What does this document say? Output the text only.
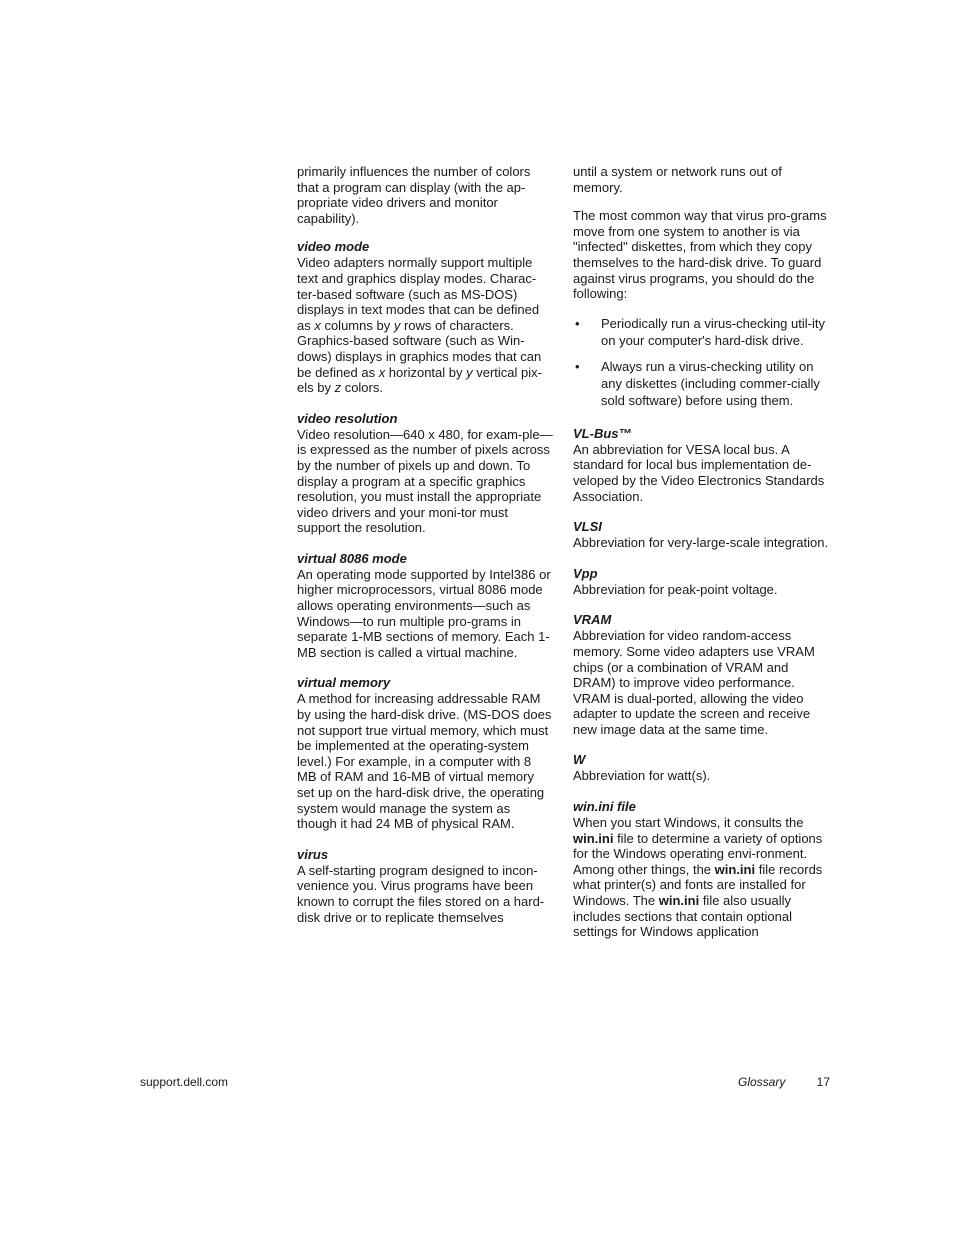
primarily influences the number of colors that a program can display (with the ap-propriate video drivers and monitor capability).

video mode

Video adapters normally support multiple text and graphics display modes. Charac-ter-based software (such as MS-DOS) displays in text modes that can be defined as x columns by y rows of characters. Graphics-based software (such as Win-dows) displays in graphics modes that can be defined as x horizontal by y vertical pix-els by z colors.

video resolution

Video resolution—640 x 480, for exam-ple—is expressed as the number of pixels across by the number of pixels up and down. To display a program at a specific graphics resolution, you must install the appropriate video drivers and your moni-tor must support the resolution.

virtual 8086 mode

An operating mode supported by Intel386 or higher microprocessors, virtual 8086 mode allows operating environments—such as Windows—to run multiple pro-grams in separate 1-MB sections of memory. Each 1-MB section is called a virtual machine.

virtual memory

A method for increasing addressable RAM by using the hard-disk drive. (MS-DOS does not support true virtual memory, which must be implemented at the operating-system level.) For example, in a computer with 8 MB of RAM and 16-MB of virtual memory set up on the hard-disk drive, the operating system would manage the system as though it had 24 MB of physical RAM.

virus

A self-starting program designed to incon-venience you. Virus programs have been known to corrupt the files stored on a hard-disk drive or to replicate themselves

until a system or network runs out of memory.

The most common way that virus pro-grams move from one system to another is via "infected" diskettes, from which they copy themselves to the hard-disk drive. To guard against virus programs, you should do the following:

• Periodically run a virus-checking util-ity on your computer's hard-disk drive.
• Always run a virus-checking utility on any diskettes (including commer-cially sold software) before using them.

VL-Bus™

An abbreviation for VESA local bus. A standard for local bus implementation de-veloped by the Video Electronics Standards Association.

VLSI

Abbreviation for very-large-scale integration.

Vpp

Abbreviation for peak-point voltage.

VRAM

Abbreviation for video random-access memory. Some video adapters use VRAM chips (or a combination of VRAM and DRAM) to improve video performance. VRAM is dual-ported, allowing the video adapter to update the screen and receive new image data at the same time.

W

Abbreviation for watt(s).

win.ini file

When you start Windows, it consults the win.ini file to determine a variety of options for the Windows operating envi-ronment. Among other things, the win.ini file records what printer(s) and fonts are installed for Windows. The win.ini file also usually includes sections that contain optional settings for Windows application

support.dell.com	Glossary	17
